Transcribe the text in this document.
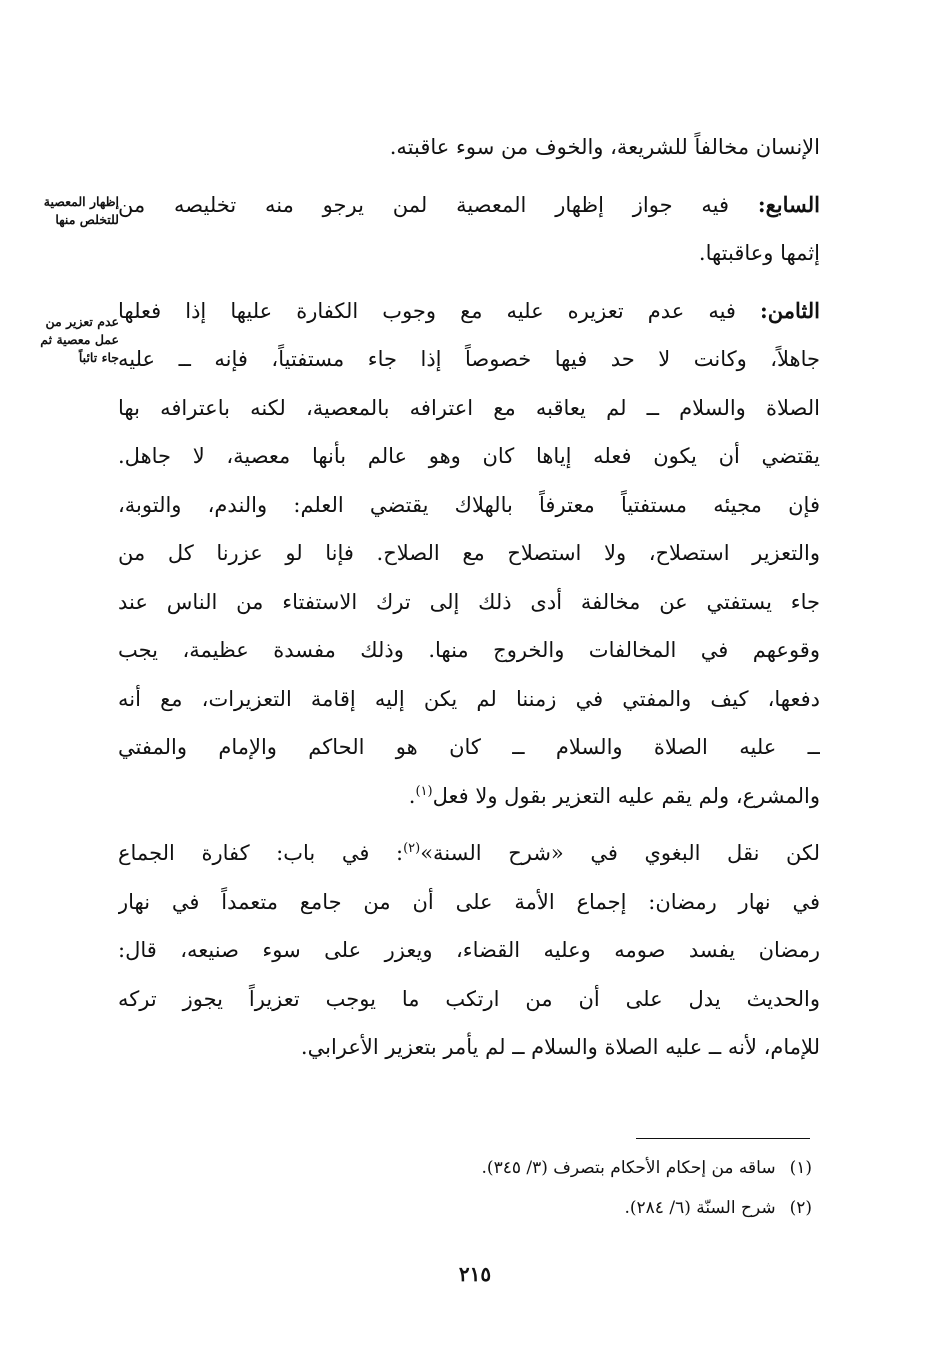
الإنسان مخالفاً للشريعة، والخوف من سوء عاقبته.

السابع: فيه جواز إظهار المعصية لمن يرجو منه تخليصه من
إثمها وعاقبتها.

الثامن: فيه عدم تعزيره عليه مع وجوب الكفارة عليها إذا فعلها
جاهلاً، وكانت لا حد فيها خصوصاً إذا جاء مستفتياً، فإنه ــ عليه
الصلاة والسلام ــ لم يعاقبه مع اعترافه بالمعصية، لكنه باعترافه بها
يقتضي أن يكون فعله إياها كان وهو عالم بأنها معصية، لا جاهل.
فإن مجيئه مستفتياً معترفاً بالهلاك يقتضي العلم: والندم، والتوبة،
والتعزير استصلاح، ولا استصلاح مع الصلاح. فإنا لو عزرنا كل من
جاء يستفتي عن مخالفة أدى ذلك إلى ترك الاستفتاء من الناس عند
وقوعهم في المخالفات والخروج منها. وذلك مفسدة عظيمة، يجب
دفعها، كيف والمفتي في زمننا لم يكن إليه إقامة التعزيرات، مع أنه
ــ عليه الصلاة والسلام ــ كان هو الحاكم والإمام والمفتي
والمشرع، ولم يقم عليه التعزير بقول ولا فعل$^{(١)}$.

لكن نقل البغوي في «شرح السنة»$^{(٢)}$: في باب: كفارة الجماع
في نهار رمضان: إجماع الأمة على أن من جامع متعمداً في نهار
رمضان يفسد صومه وعليه القضاء، ويعزر على سوء صنيعه، قال:
والحديث يدل على أن من ارتكب ما يوجب تعزيراً يجوز تركه
للإمام، لأنه ــ عليه الصلاة والسلام ــ لم يأمر بتعزير الأعرابي.

إظهار المعصية
للتخلص منها
عدم تعزير من
عمل معصية ثم
جاء تائباً
(١)ساقه من إحكام الأحكام بتصرف (٣/ ٣٤٥).
(٢)شرح السنّة (٦/ ٢٨٤).
٢١٥
